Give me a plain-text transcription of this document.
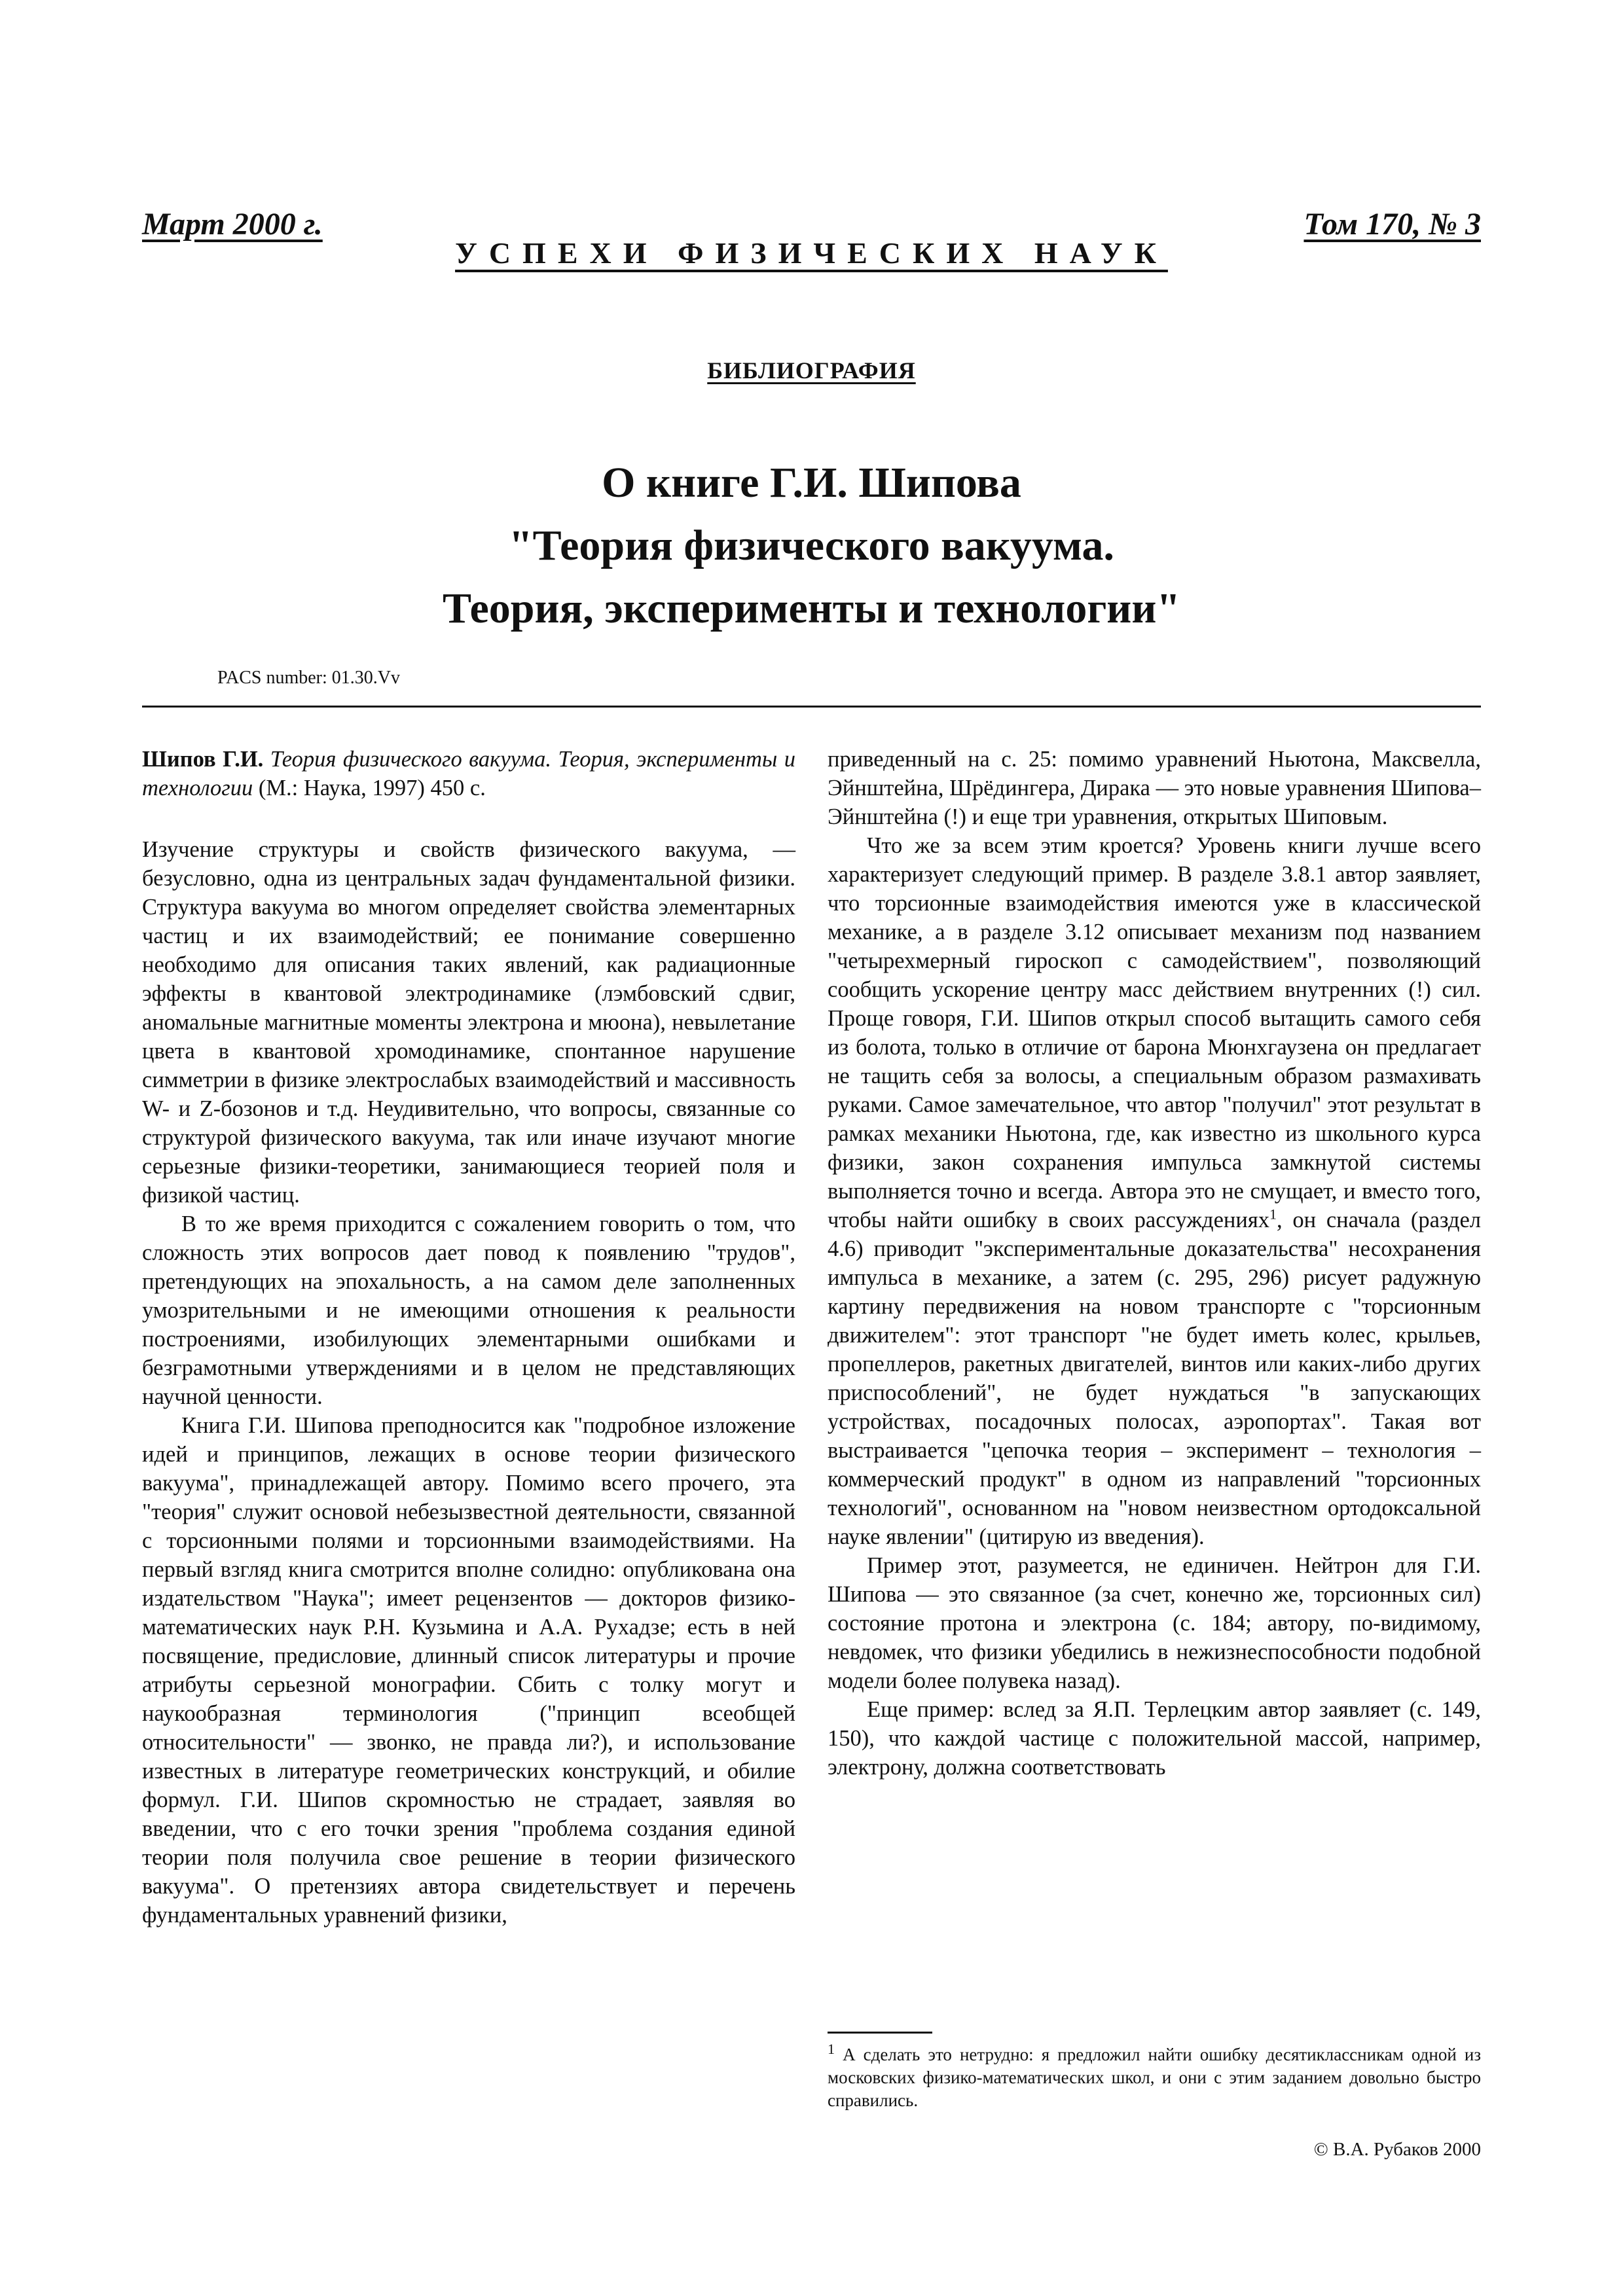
Март 2000 г.	Том 170, № 3
УСПЕХИ ФИЗИЧЕСКИХ НАУК
БИБЛИОГРАФИЯ
О книге Г.И. Шипова
"Теория физического вакуума.
Теория, эксперименты и технологии"
PACS number: 01.30.Vv
Шипов Г.И. Теория физического вакуума. Теория, эксперименты и технологии (М.: Наука, 1997) 450 с.

Изучение структуры и свойств физического вакуума, — безусловно, одна из центральных задач фундаментальной физики. Структура вакуума во многом определяет свойства элементарных частиц и их взаимодействий; ее понимание совершенно необходимо для описания таких явлений, как радиационные эффекты в квантовой электродинамике (лэмбовский сдвиг, аномальные магнитные моменты электрона и мюона), невылетание цвета в квантовой хромодинамике, спонтанное нарушение симметрии в физике электрослабых взаимодействий и массивность W- и Z-бозонов и т.д. Неудивительно, что вопросы, связанные со структурой физического вакуума, так или иначе изучают многие серьезные физики-теоретики, занимающиеся теорией поля и физикой частиц.

В то же время приходится с сожалением говорить о том, что сложность этих вопросов дает повод к появлению "трудов", претендующих на эпохальность, а на самом деле заполненных умозрительными и не имеющими отношения к реальности построениями, изобилующих элементарными ошибками и безграмотными утверждениями и в целом не представляющих научной ценности.

Книга Г.И. Шипова преподносится как "подробное изложение идей и принципов, лежащих в основе теории физического вакуума", принадлежащей автору. Помимо всего прочего, эта "теория" служит основой небезызвестной деятельности, связанной с торсионными полями и торсионными взаимодействиями. На первый взгляд книга смотрится вполне солидно: опубликована она издательством "Наука"; имеет рецензентов — докторов физико-математических наук Р.Н. Кузьмина и А.А. Рухадзе; есть в ней посвящение, предисловие, длинный список литературы и прочие атрибуты серьезной монографии. Сбить с толку могут и наукообразная терминология ("принцип всеобщей относительности" — звонко, не правда ли?), и использование известных в литературе геометрических конструкций, и обилие формул. Г.И. Шипов скромностью не страдает, заявляя во введении, что с его точки зрения "проблема создания единой теории поля получила свое решение в теории физического вакуума". О претензиях автора свидетельствует и перечень фундаментальных уравнений физики,

приведенный на с. 25: помимо уравнений Ньютона, Максвелла, Эйнштейна, Шрёдингера, Дирака — это новые уравнения Шипова–Эйнштейна (!) и еще три уравнения, открытых Шиповым.

Что же за всем этим кроется? Уровень книги лучше всего характеризует следующий пример. В разделе 3.8.1 автор заявляет, что торсионные взаимодействия имеются уже в классической механике, а в разделе 3.12 описывает механизм под названием "четырехмерный гироскоп с самодействием", позволяющий сообщить ускорение центру масс действием внутренних (!) сил. Проще говоря, Г.И. Шипов открыл способ вытащить самого себя из болота, только в отличие от барона Мюнхгаузена он предлагает не тащить себя за волосы, а специальным образом размахивать руками. Самое замечательное, что автор "получил" этот результат в рамках механики Ньютона, где, как известно из школьного курса физики, закон сохранения импульса замкнутой системы выполняется точно и всегда. Автора это не смущает, и вместо того, чтобы найти ошибку в своих рассуждениях$^1$, он сначала (раздел 4.6) приводит "экспериментальные доказательства" несохранения импульса в механике, а затем (с. 295, 296) рисует радужную картину передвижения на новом транспорте с "торсионным движителем": этот транспорт "не будет иметь колес, крыльев, пропеллеров, ракетных двигателей, винтов или каких-либо других приспособлений", не будет нуждаться "в запускающих устройствах, посадочных полосах, аэропортах". Такая вот выстраивается "цепочка теория – эксперимент – технология – коммерческий продукт" в одном из направлений "торсионных технологий", основанном на "новом неизвестном ортодоксальной науке явлении" (цитирую из введения).

Пример этот, разумеется, не единичен. Нейтрон для Г.И. Шипова — это связанное (за счет, конечно же, торсионных сил) состояние протона и электрона (с. 184; автору, по-видимому, невдомек, что физики убедились в нежизнеспособности подобной модели более полувека назад).

Еще пример: вслед за Я.П. Терлецким автор заявляет (с. 149, 150), что каждой частице с положительной массой, например, электрону, должна соответствовать

$^1$ А сделать это нетрудно: я предложил найти ошибку десятиклассникам одной из московских физико-математических школ, и они с этим заданием довольно быстро справились.
© В.А. Рубаков 2000
